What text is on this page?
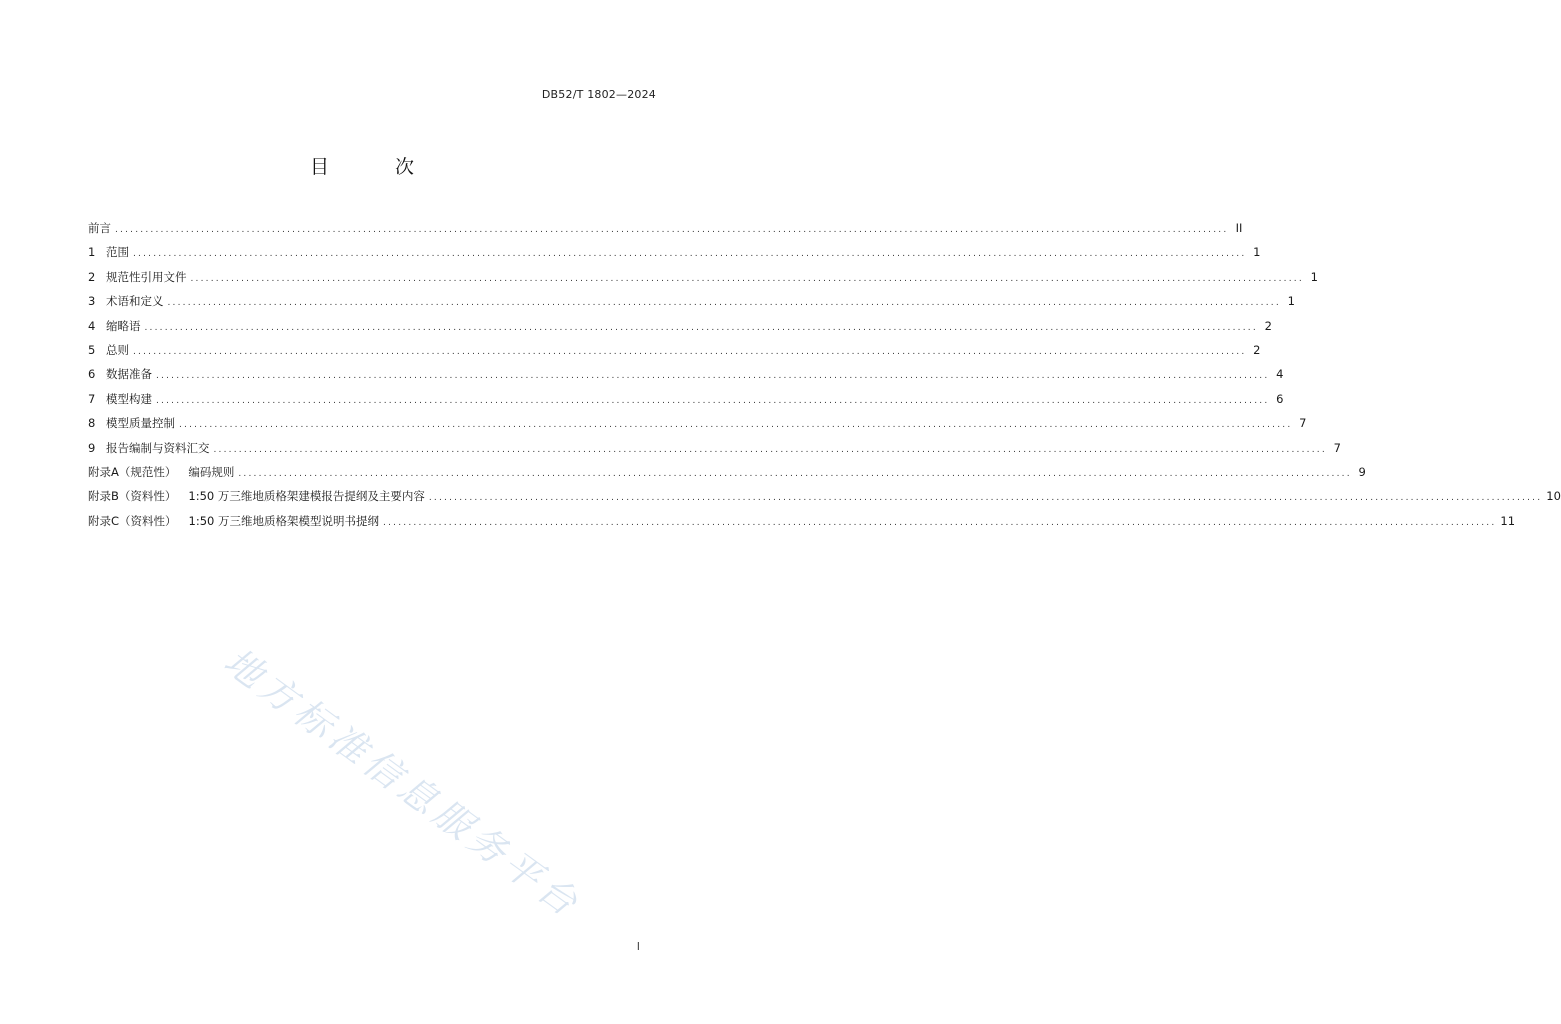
DB52/T 1802—2024
目 次
前言 ............................................................................................................................................................................................................................ II
1 范围 ............................................................................................................................................................................................................................ 1
2 规范性引用文件 ............................................................................................................................................................................................................................ 1
3 术语和定义 ............................................................................................................................................................................................................................ 1
4 缩略语 ............................................................................................................................................................................................................................ 2
5 总则 ............................................................................................................................................................................................................................ 2
6 数据准备 ............................................................................................................................................................................................................................ 4
7 模型构建 ............................................................................................................................................................................................................................ 6
8 模型质量控制 ............................................................................................................................................................................................................................ 7
9 报告编制与资料汇交 ............................................................................................................................................................................................................................ 7
附录A（规范性） 编码规则 ............................................................................................................................................................................................................................ 9
附录B（资料性） 1:50 万三维地质格架建模报告提纲及主要内容 ............................................................................................................................................................................................................................ 10
附录C（资料性） 1:50 万三维地质格架模型说明书提纲 ............................................................................................................................................................................................................................ 11
地方标准信息服务平台
I
